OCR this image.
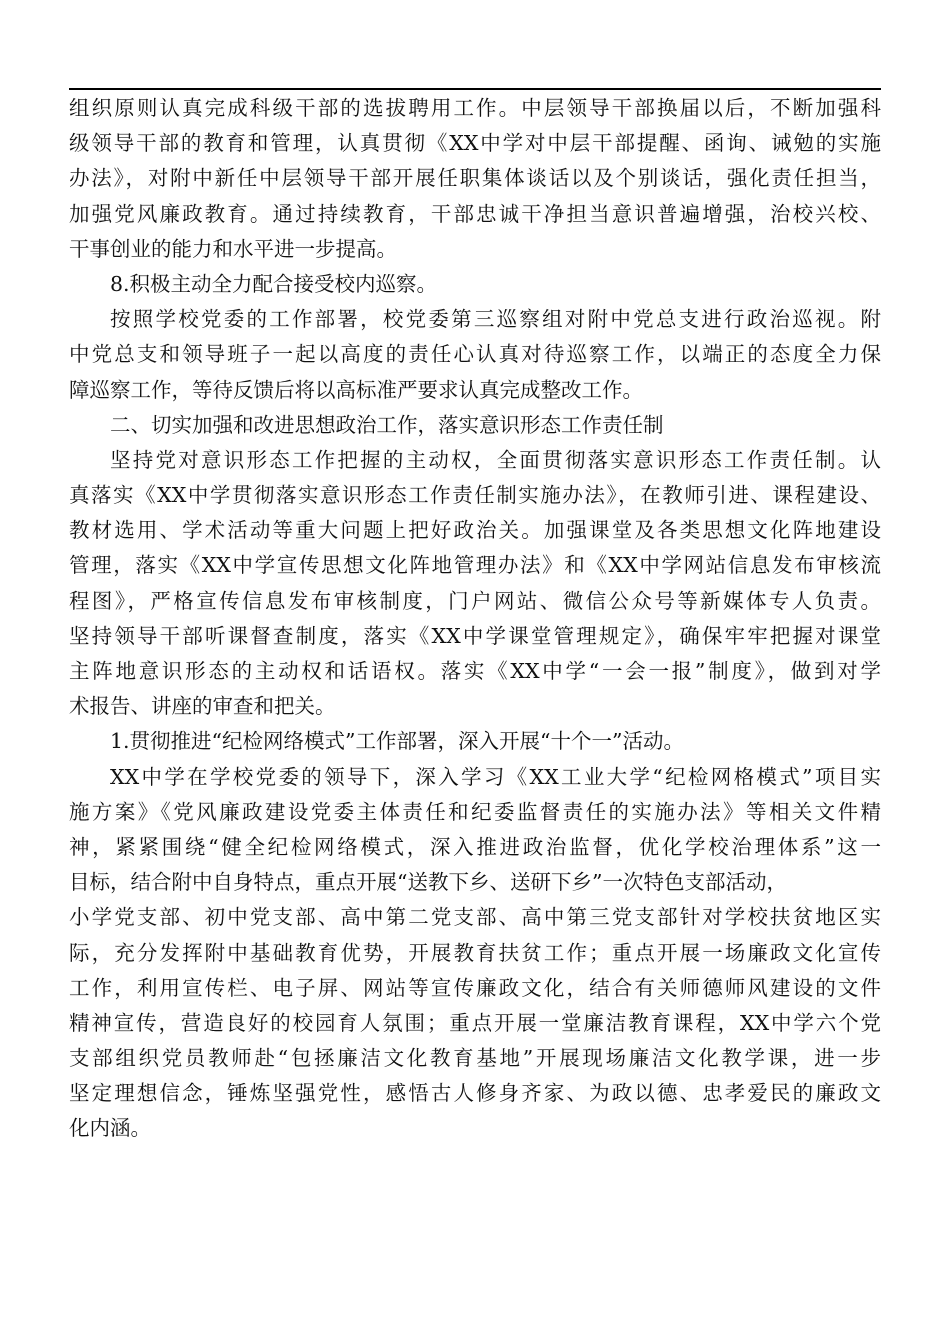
组织原则认真完成科级干部的选拔聘用工作。中层领导干部换届以后，不断加强科
级领导干部的教育和管理，认真贯彻《XX中学对中层干部提醒、函询、诫勉的实施
办法》，对附中新任中层领导干部开展任职集体谈话以及个别谈话，强化责任担当，
加强党风廉政教育。通过持续教育，干部忠诚干净担当意识普遍增强，治校兴校、
干事创业的能力和水平进一步提高。
8.积极主动全力配合接受校内巡察。
按照学校党委的工作部署，校党委第三巡察组对附中党总支进行政治巡视。附
中党总支和领导班子一起以高度的责任心认真对待巡察工作，以端正的态度全力保
障巡察工作，等待反馈后将以高标准严要求认真完成整改工作。
二、切实加强和改进思想政治工作，落实意识形态工作责任制
坚持党对意识形态工作把握的主动权，全面贯彻落实意识形态工作责任制。认
真落实《XX中学贯彻落实意识形态工作责任制实施办法》，在教师引进、课程建设、
教材选用、学术活动等重大问题上把好政治关。加强课堂及各类思想文化阵地建设
管理，落实《XX中学宣传思想文化阵地管理办法》和《XX中学网站信息发布审核流
程图》，严格宣传信息发布审核制度，门户网站、微信公众号等新媒体专人负责。
坚持领导干部听课督查制度，落实《XX中学课堂管理规定》，确保牢牢把握对课堂
主阵地意识形态的主动权和话语权。落实《XX中学“一会一报”制度》，做到对学
术报告、讲座的审查和把关。
1.贯彻推进“纪检网络模式”工作部署，深入开展“十个一”活动。
XX中学在学校党委的领导下，深入学习《XX工业大学“纪检网格模式”项目实
施方案》《党风廉政建设党委主体责任和纪委监督责任的实施办法》等相关文件精
神，紧紧围绕“健全纪检网络模式，深入推进政治监督，优化学校治理体系”这一
目标，结合附中自身特点，重点开展“送教下乡、送研下乡”一次特色支部活动，
小学党支部、初中党支部、高中第二党支部、高中第三党支部针对学校扶贫地区实
际，充分发挥附中基础教育优势，开展教育扶贫工作；重点开展一场廉政文化宣传
工作，利用宣传栏、电子屏、网站等宣传廉政文化，结合有关师德师风建设的文件
精神宣传，营造良好的校园育人氛围；重点开展一堂廉洁教育课程，XX中学六个党
支部组织党员教师赴“包拯廉洁文化教育基地”开展现场廉洁文化教学课，进一步
坚定理想信念，锤炼坚强党性，感悟古人修身齐家、为政以德、忠孝爱民的廉政文
化内涵。
